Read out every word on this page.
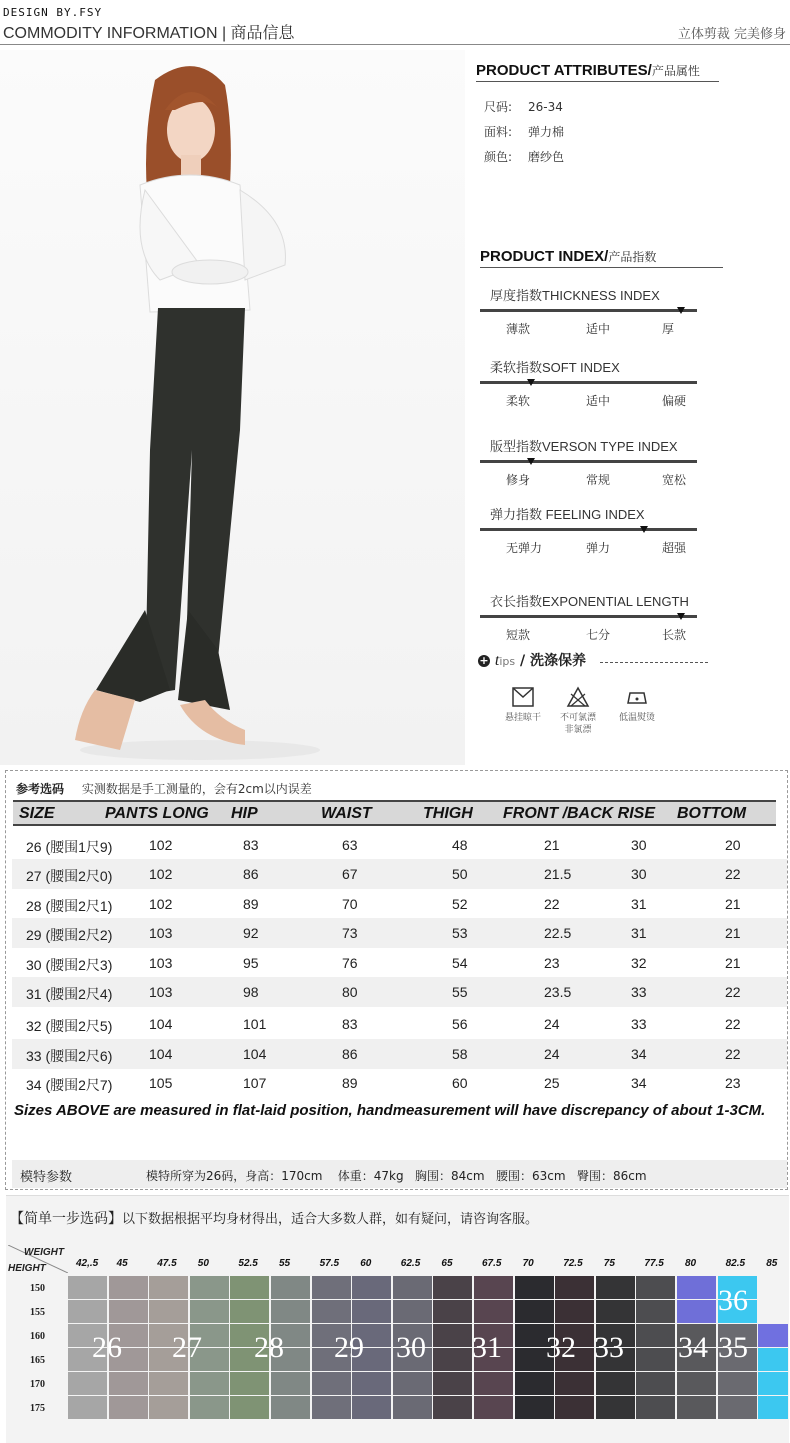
DESIGN BY.FSY
COMMODITY INFORMATION | 商品信息	立体剪裁 完美修身
PRODUCT ATTRIBUTES/产品属性
PRODUCT INDEX/产品指数
+ tips / 洗涤保养
参考选码 实测数据是手工测量的，会有2cm以内误差
SIZE	PANTS LONG HIP	WAIST	THIGH FRONT /BACK RISE BOTTOM
Sizes ABOVE are measured in flat-laid position, handmeasurement will have discrepancy of about 1-3CM.
模特参数	模特所穿为26码，身高：170cm    体重：47kg   胸围：84cm   腰围：63cm   臀围：86cm
【简单一步选码】以下数据根据平均身材得出，适合大多数人群，如有疑问，请咨询客服。
WEIGHT
HEIGHT
尺码: 26-34
面料: 弹力棉
颜色: 磨纱色
厚度指数THICKNESS INDEX
薄款	适中	厚
柔软指数SOFT INDEX
柔软	适中	偏硬
版型指数VERSON TYPE INDEX
修身	常规	宽松
弹力指数 FEELING INDEX
无弹力	弹力	超强
衣长指数EXPONENTIAL LENGTH
短款	七分	长款
悬挂晾干	不可氯漂
非氯漂
低温熨烫
26 (腰围1尺9)	102	83	63	48	21	30	20
27 (腰围2尺0)	102	86	67	50	21.5	30	22
28 (腰围2尺1)	102	89	70	52	22	31	21
29 (腰围2尺2)	103	92	73	53	22.5	31	21
30 (腰围2尺3)	103	95	76	54	23	32	21
31 (腰围2尺4)	103	98	80	55	23.5	33	22
32 (腰围2尺5)	104	101	83	56	24	33	22
33 (腰围2尺6)	104	104	86	58	24	34	22
34 (腰围2尺7)	105	107	89	60	25	34	23
42,.5 45	47.5 50	52.5 55	57.5 60	62.5 65	67.5 70	72.5 75	77.5 80	82.5 85
150
155
160
165
170
175
26 27 28 29 30 31 32 33 34 35
36
